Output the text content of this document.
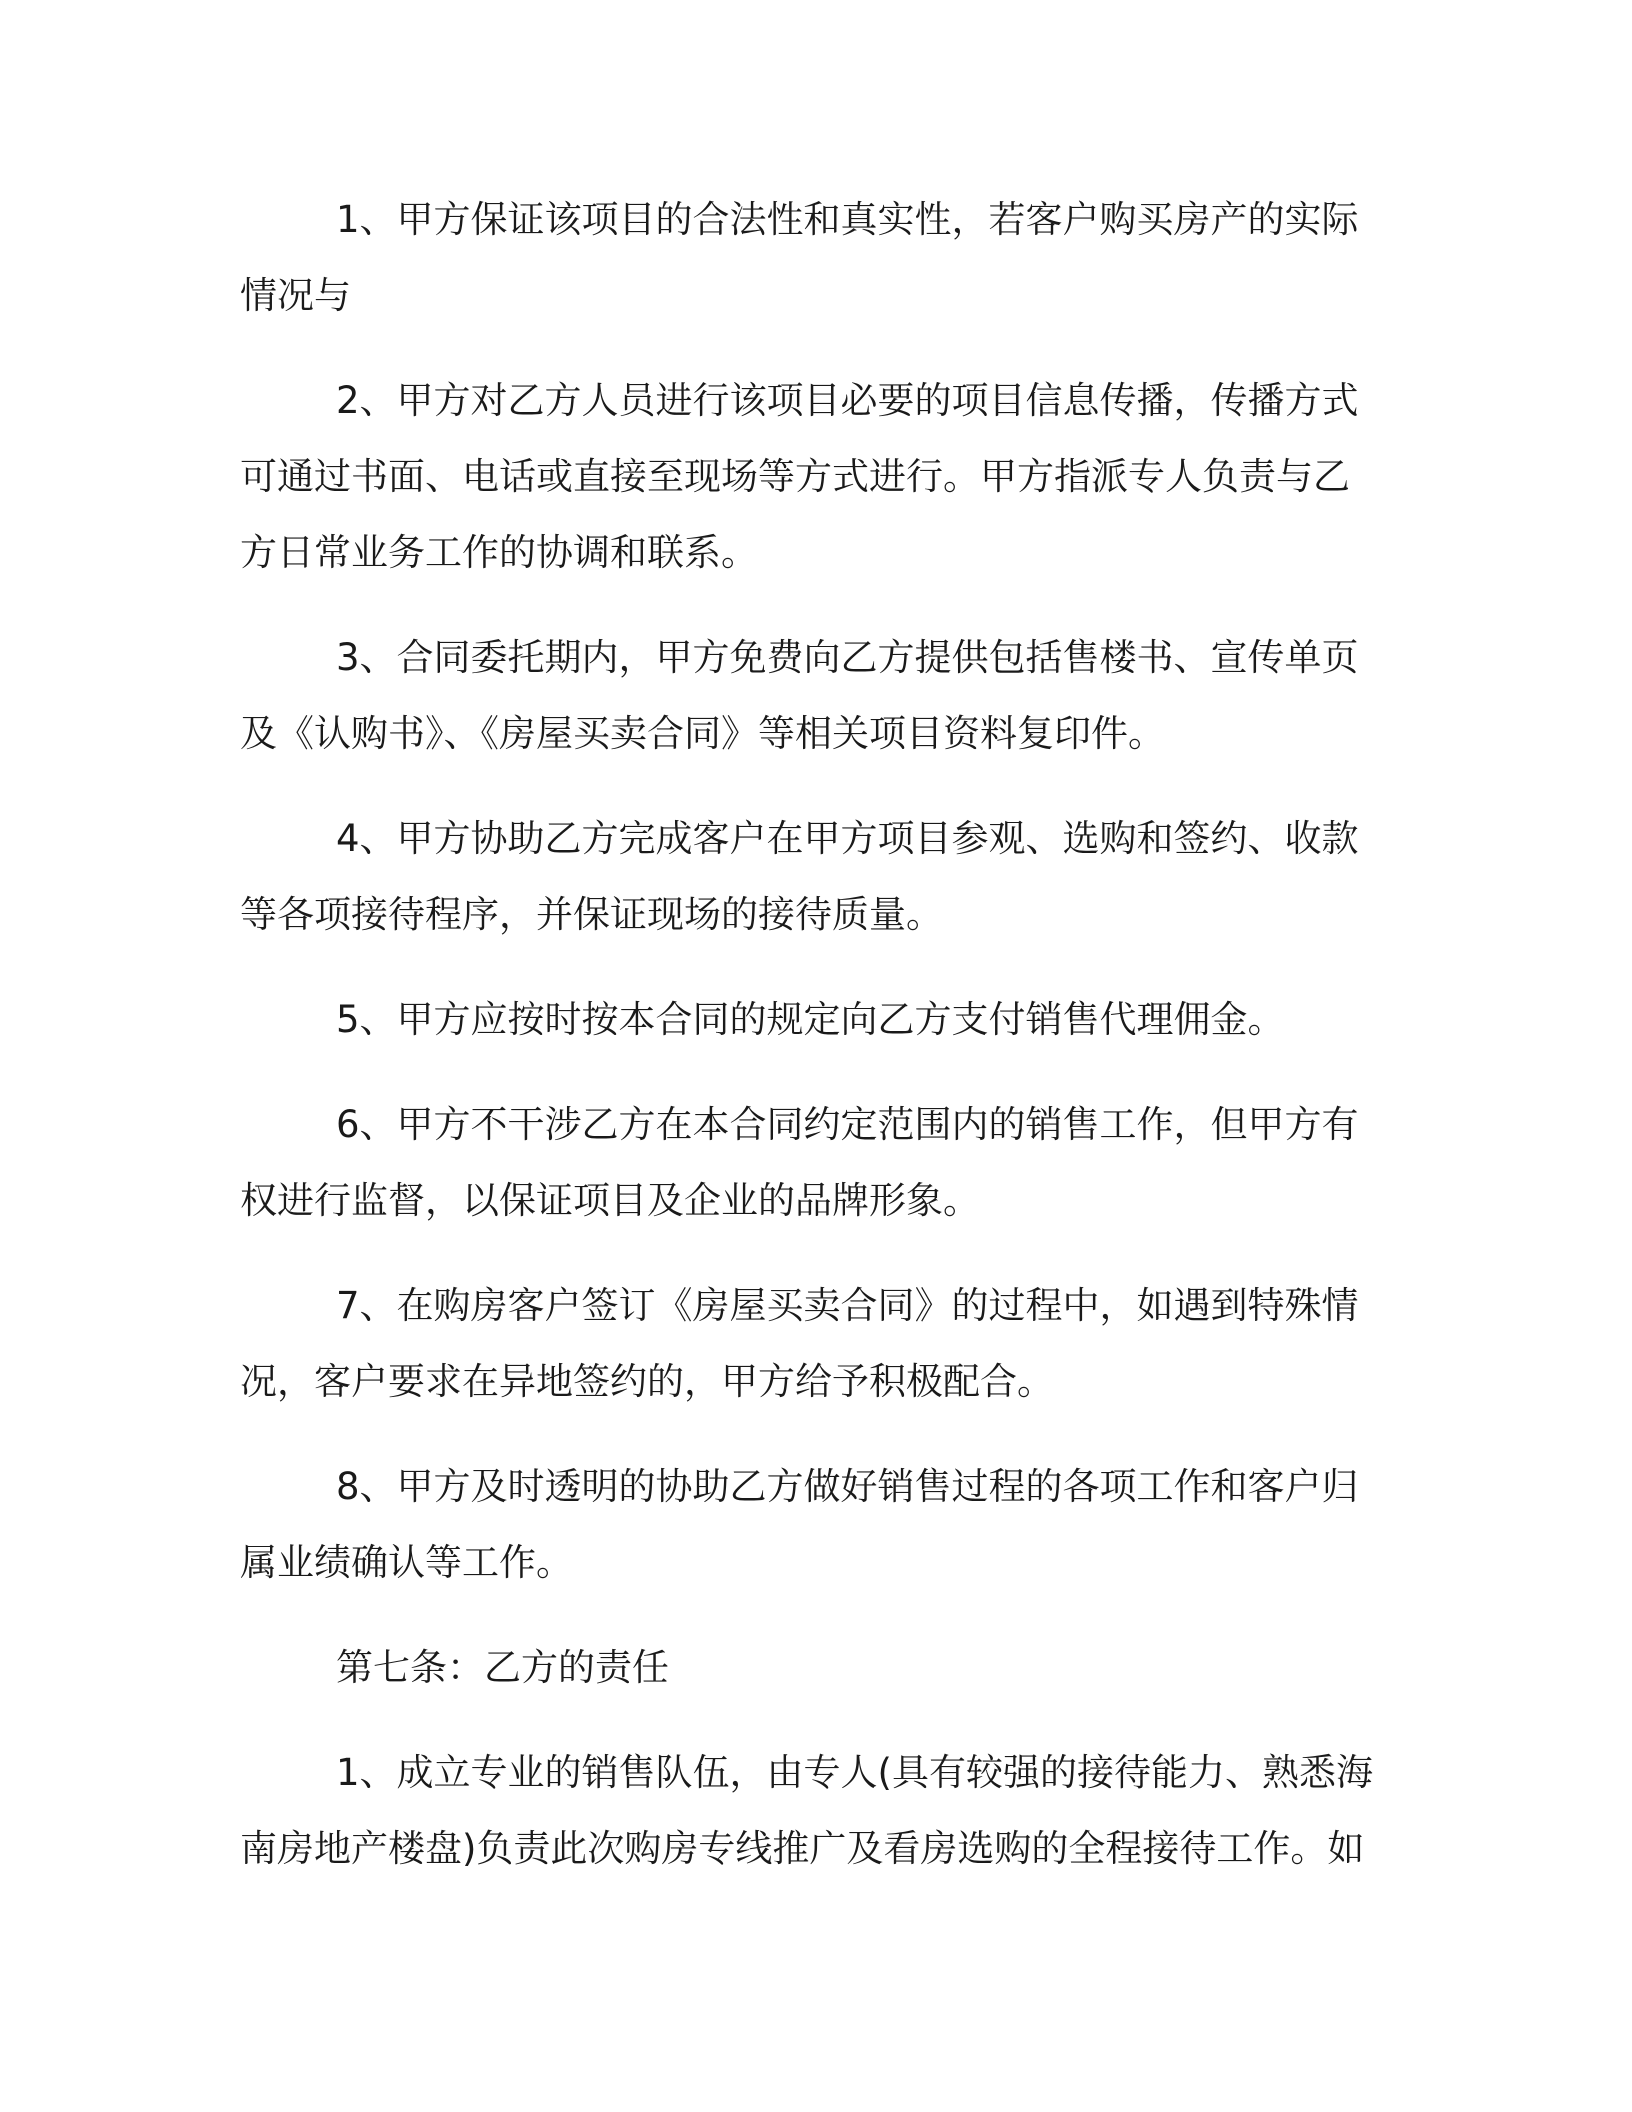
1、甲方保证该项目的合法性和真实性，若客户购买房产的实际情况与

2、甲方对乙方人员进行该项目必要的项目信息传播，传播方式可通过书面、电话或直接至现场等方式进行。甲方指派专人负责与乙方日常业务工作的协调和联系。

3、合同委托期内，甲方免费向乙方提供包括售楼书、宣传单页及《认购书》、《房屋买卖合同》等相关项目资料复印件。

4、甲方协助乙方完成客户在甲方项目参观、选购和签约、收款等各项接待程序，并保证现场的接待质量。

5、甲方应按时按本合同的规定向乙方支付销售代理佣金。

6、甲方不干涉乙方在本合同约定范围内的销售工作，但甲方有权进行监督，以保证项目及企业的品牌形象。

7、在购房客户签订《房屋买卖合同》的过程中，如遇到特殊情况，客户要求在异地签约的，甲方给予积极配合。

8、甲方及时透明的协助乙方做好销售过程的各项工作和客户归属业绩确认等工作。

第七条：乙方的责任

1、成立专业的销售队伍，由专人(具有较强的接待能力、熟悉海南房地产楼盘)负责此次购房专线推广及看房选购的全程接待工作。如
